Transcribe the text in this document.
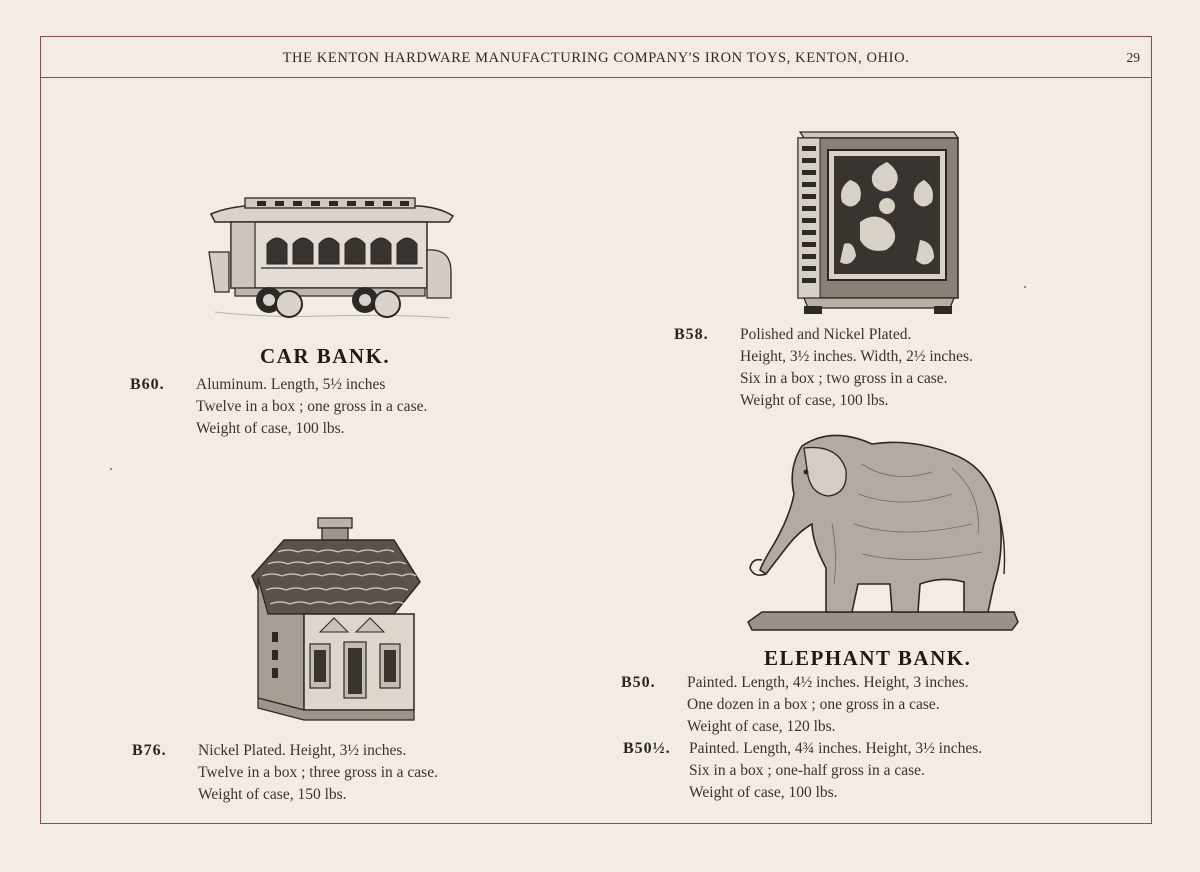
THE KENTON HARDWARE MANUFACTURING COMPANY'S IRON TOYS, KENTON, OHIO.	29
CAR BANK.
B60. Aluminum. Length, 5½ inches
Twelve in a box ; one gross in a case.
Weight of case, 100 lbs.
B58. Polished and Nickel Plated.
Height, 3½ inches. Width, 2½ inches.
Six in a box ; two gross in a case.
Weight of case, 100 lbs.
B76. Nickel Plated. Height, 3½ inches.
Twelve in a box ; three gross in a case.
Weight of case, 150 lbs.
ELEPHANT BANK.
B50. Painted. Length, 4½ inches. Height, 3 inches.
One dozen in a box ; one gross in a case.
Weight of case, 120 lbs.
B50½. Painted. Length, 4¾ inches. Height, 3½ inches.
Six in a box ; one-half gross in a case.
Weight of case, 100 lbs.
